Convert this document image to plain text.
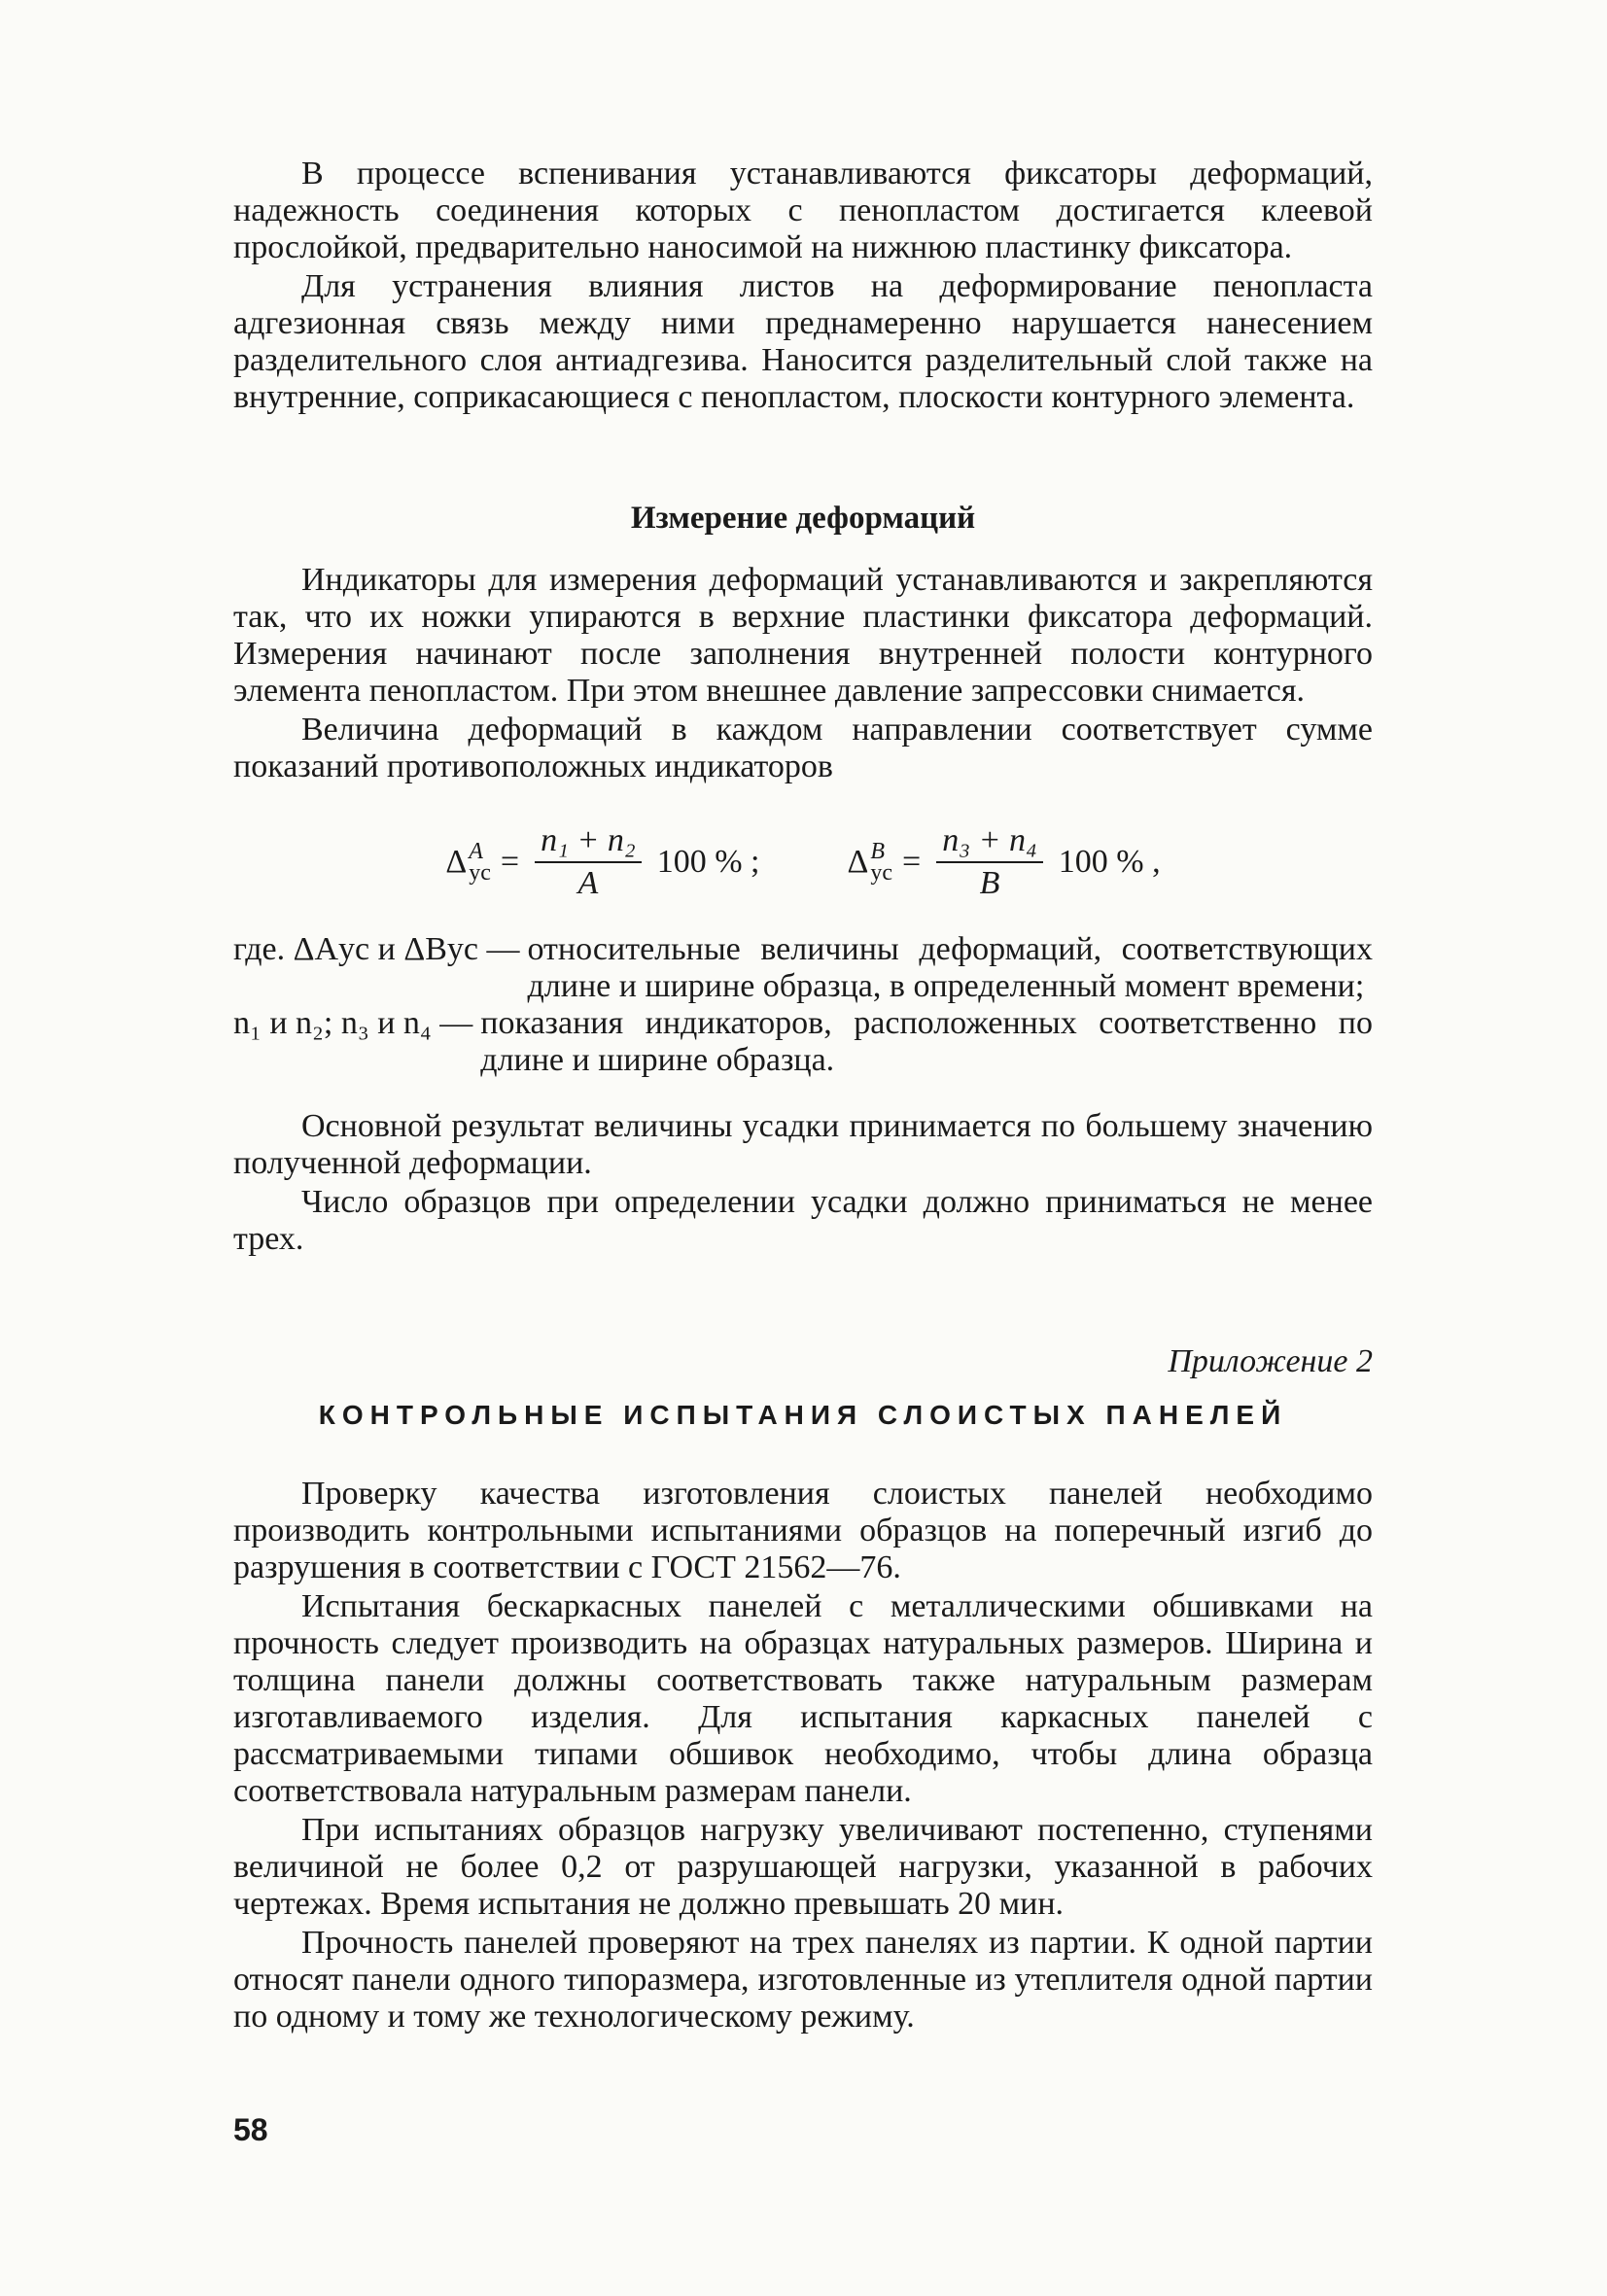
В процессе вспенивания устанавливаются фиксаторы деформаций, надежность соединения которых с пенопластом достигается клеевой прослойкой, предварительно наносимой на нижнюю пластинку фиксатора.

Для устранения влияния листов на деформирование пенопласта адгезионная связь между ними преднамеренно нарушается нанесением разделительного слоя антиадгезива. Наносится разделительный слой также на внутренние, соприкасающиеся с пенопластом, плоскости контурного элемента.

Измерение деформаций

Индикаторы для измерения деформаций устанавливаются и закрепляются так, что их ножки упираются в верхние пластинки фиксатора деформаций. Измерения начинают после заполнения внутренней полости контурного элемента пенопластом. При этом внешнее давление запрессовки снимается.

Величина деформаций в каждом направлении соответствует сумме показаний противоположных индикаторов

Δ A
ус = $\frac{\text{n₁ + n₂}}{A} 100$ % ;	Δ B
ус = $\frac{\text{n₃ + n₄}}{B} 100$ % ,
где. ΔAус и ΔBус — относительные величины деформаций, соответствующих длине и ширине образца, в определенный момент времени;
n₁ и n₂; n₃ и n₄ — показания индикаторов, расположенных соответственно по длине и ширине образца.

Основной результат величины усадки принимается по большему значению полученной деформации.

Число образцов при определении усадки должно приниматься не менее трех.

Приложение 2
КОНТРОЛЬНЫЕ ИСПЫТАНИЯ СЛОИСТЫХ ПАНЕЛЕЙ

Проверку качества изготовления слоистых панелей необходимо производить контрольными испытаниями образцов на поперечный изгиб до разрушения в соответствии с ГОСТ 21562—76.

Испытания бескаркасных панелей с металлическими обшивками на прочность следует производить на образцах натуральных размеров. Ширина и толщина панели должны соответствовать также натуральным размерам изготавливаемого изделия. Для испытания каркасных панелей с рассматриваемыми типами обшивок необходимо, чтобы длина образца соответствовала натуральным размерам панели.

При испытаниях образцов нагрузку увеличивают постепенно, ступенями величиной не более 0,2 от разрушающей нагрузки, указанной в рабочих чертежах. Время испытания не должно превышать 20 мин.

Прочность панелей проверяют на трех панелях из партии. К одной партии относят панели одного типоразмера, изготовленные из утеплителя одной партии по одному и тому же технологическому режиму.

58
